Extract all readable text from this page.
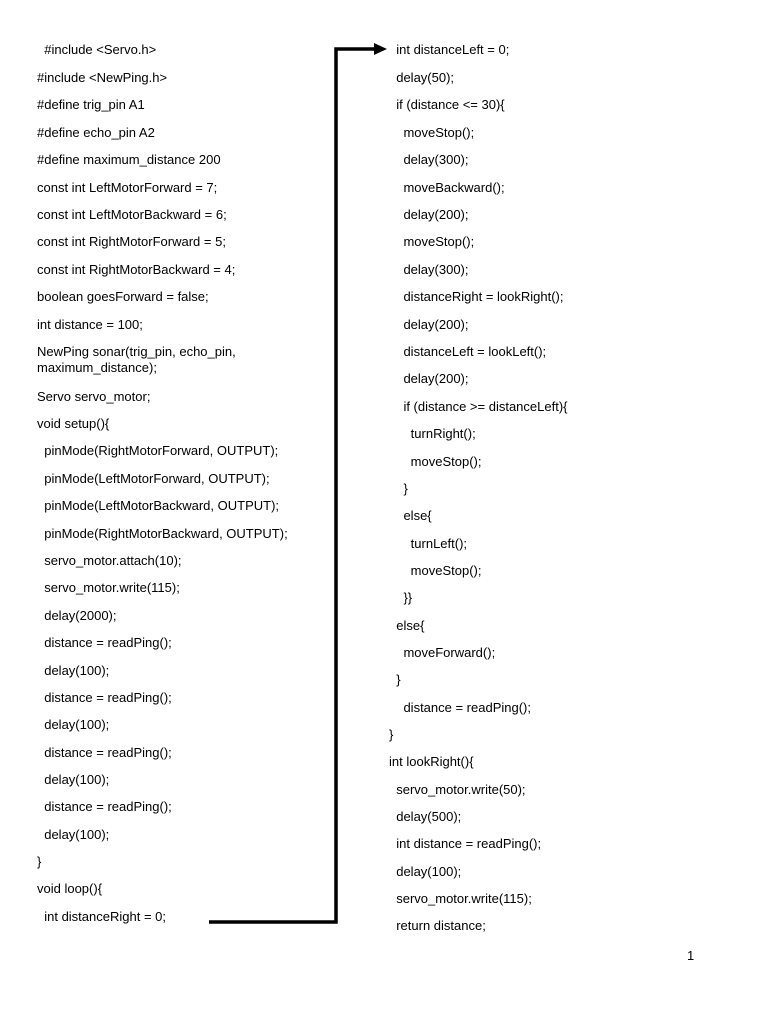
#include <Servo.h>
#include <NewPing.h>
#define trig_pin A1
#define echo_pin A2
#define maximum_distance 200
const int LeftMotorForward = 7;
const int LeftMotorBackward = 6;
const int RightMotorForward = 5;
const int RightMotorBackward = 4;
boolean goesForward = false;
int distance = 100;
NewPing sonar(trig_pin, echo_pin, maximum_distance);
Servo servo_motor;
void setup(){
pinMode(RightMotorForward, OUTPUT);
pinMode(LeftMotorForward, OUTPUT);
pinMode(LeftMotorBackward, OUTPUT);
pinMode(RightMotorBackward, OUTPUT);
servo_motor.attach(10);
servo_motor.write(115);
delay(2000);
distance = readPing();
delay(100);
distance = readPing();
delay(100);
distance = readPing();
delay(100);
distance = readPing();
delay(100);
}
void loop(){
int distanceRight = 0;
int distanceLeft = 0;
delay(50);
if (distance <= 30){
moveStop();
delay(300);
moveBackward();
delay(200);
moveStop();
delay(300);
distanceRight = lookRight();
delay(200);
distanceLeft = lookLeft();
delay(200);
if (distance >= distanceLeft){
turnRight();
moveStop();
}
else{
turnLeft();
moveStop();
}}
else{
moveForward();
}
distance = readPing();
}
int lookRight(){
servo_motor.write(50);
delay(500);
int distance = readPing();
delay(100);
servo_motor.write(115);
return distance;
1
